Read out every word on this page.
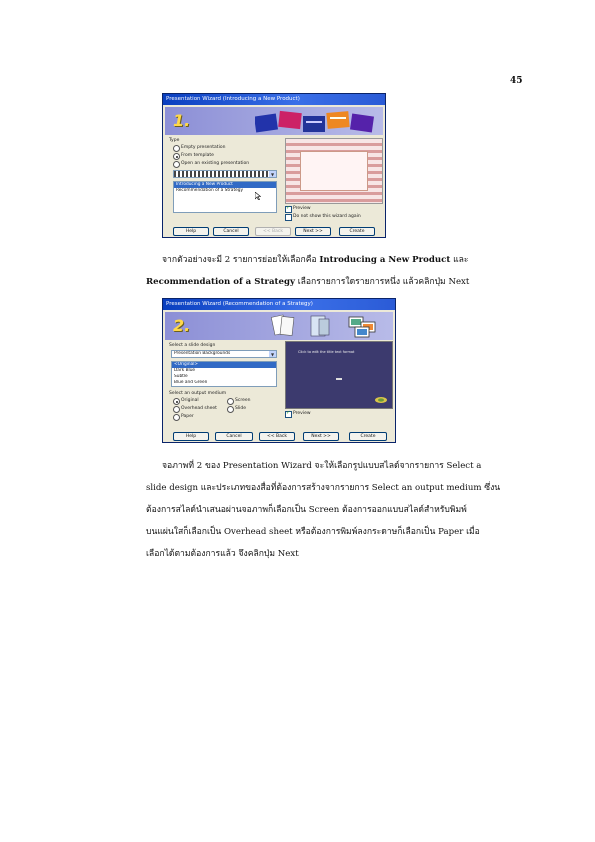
45
Presentation Wizard (Introducing a New Product)
1.
Type
Empty presentation
From template
Open an existing presentation
▼
Introducing a New Product
Recommendation of a Strategy
✓
Preview
Do not show this wizard again
Help	Cancel	<< Back	Next >>	Create

จากตัวอย่างจะมี 2 รายการย่อยให้เลือกคือ Introducing a New Product และ

Recommendation of a Strategy เลือกรายการใดรายการหนึ่ง แล้วคลิกปุ่ม Next

Presentation Wizard (Recommendation of a Strategy)
2.
Select a slide design
Presentation Backgrounds	▼
<Original>
Dark Blue
Subtle
Blue and Green
Select an output medium
Original	Screen
Overhead sheet	Slide
Paper
Click to edit the title text format
✓
Preview
Help	Cancel	<< Back	Next >>	Create

จอภาพที่ 2 ของ Presentation Wizard จะให้เลือกรูปแบบสไลด์จากรายการ Select a

slide design และประเภทของสื่อที่ต้องการสร้างจากรายการ Select an output medium ซึ่งน

ต้องการสไลด์นำเสนอผ่านจอภาพก็เลือกเป็น Screen ต้องการออกแบบสไลด์สำหรับพิมพ์

บนแผ่นใสก็เลือกเป็น Overhead sheet หรือต้องการพิมพ์ลงกระดาษก็เลือกเป็น Paper เมื่อ

เลือกได้ตามต้องการแล้ว จึงคลิกปุ่ม Next
